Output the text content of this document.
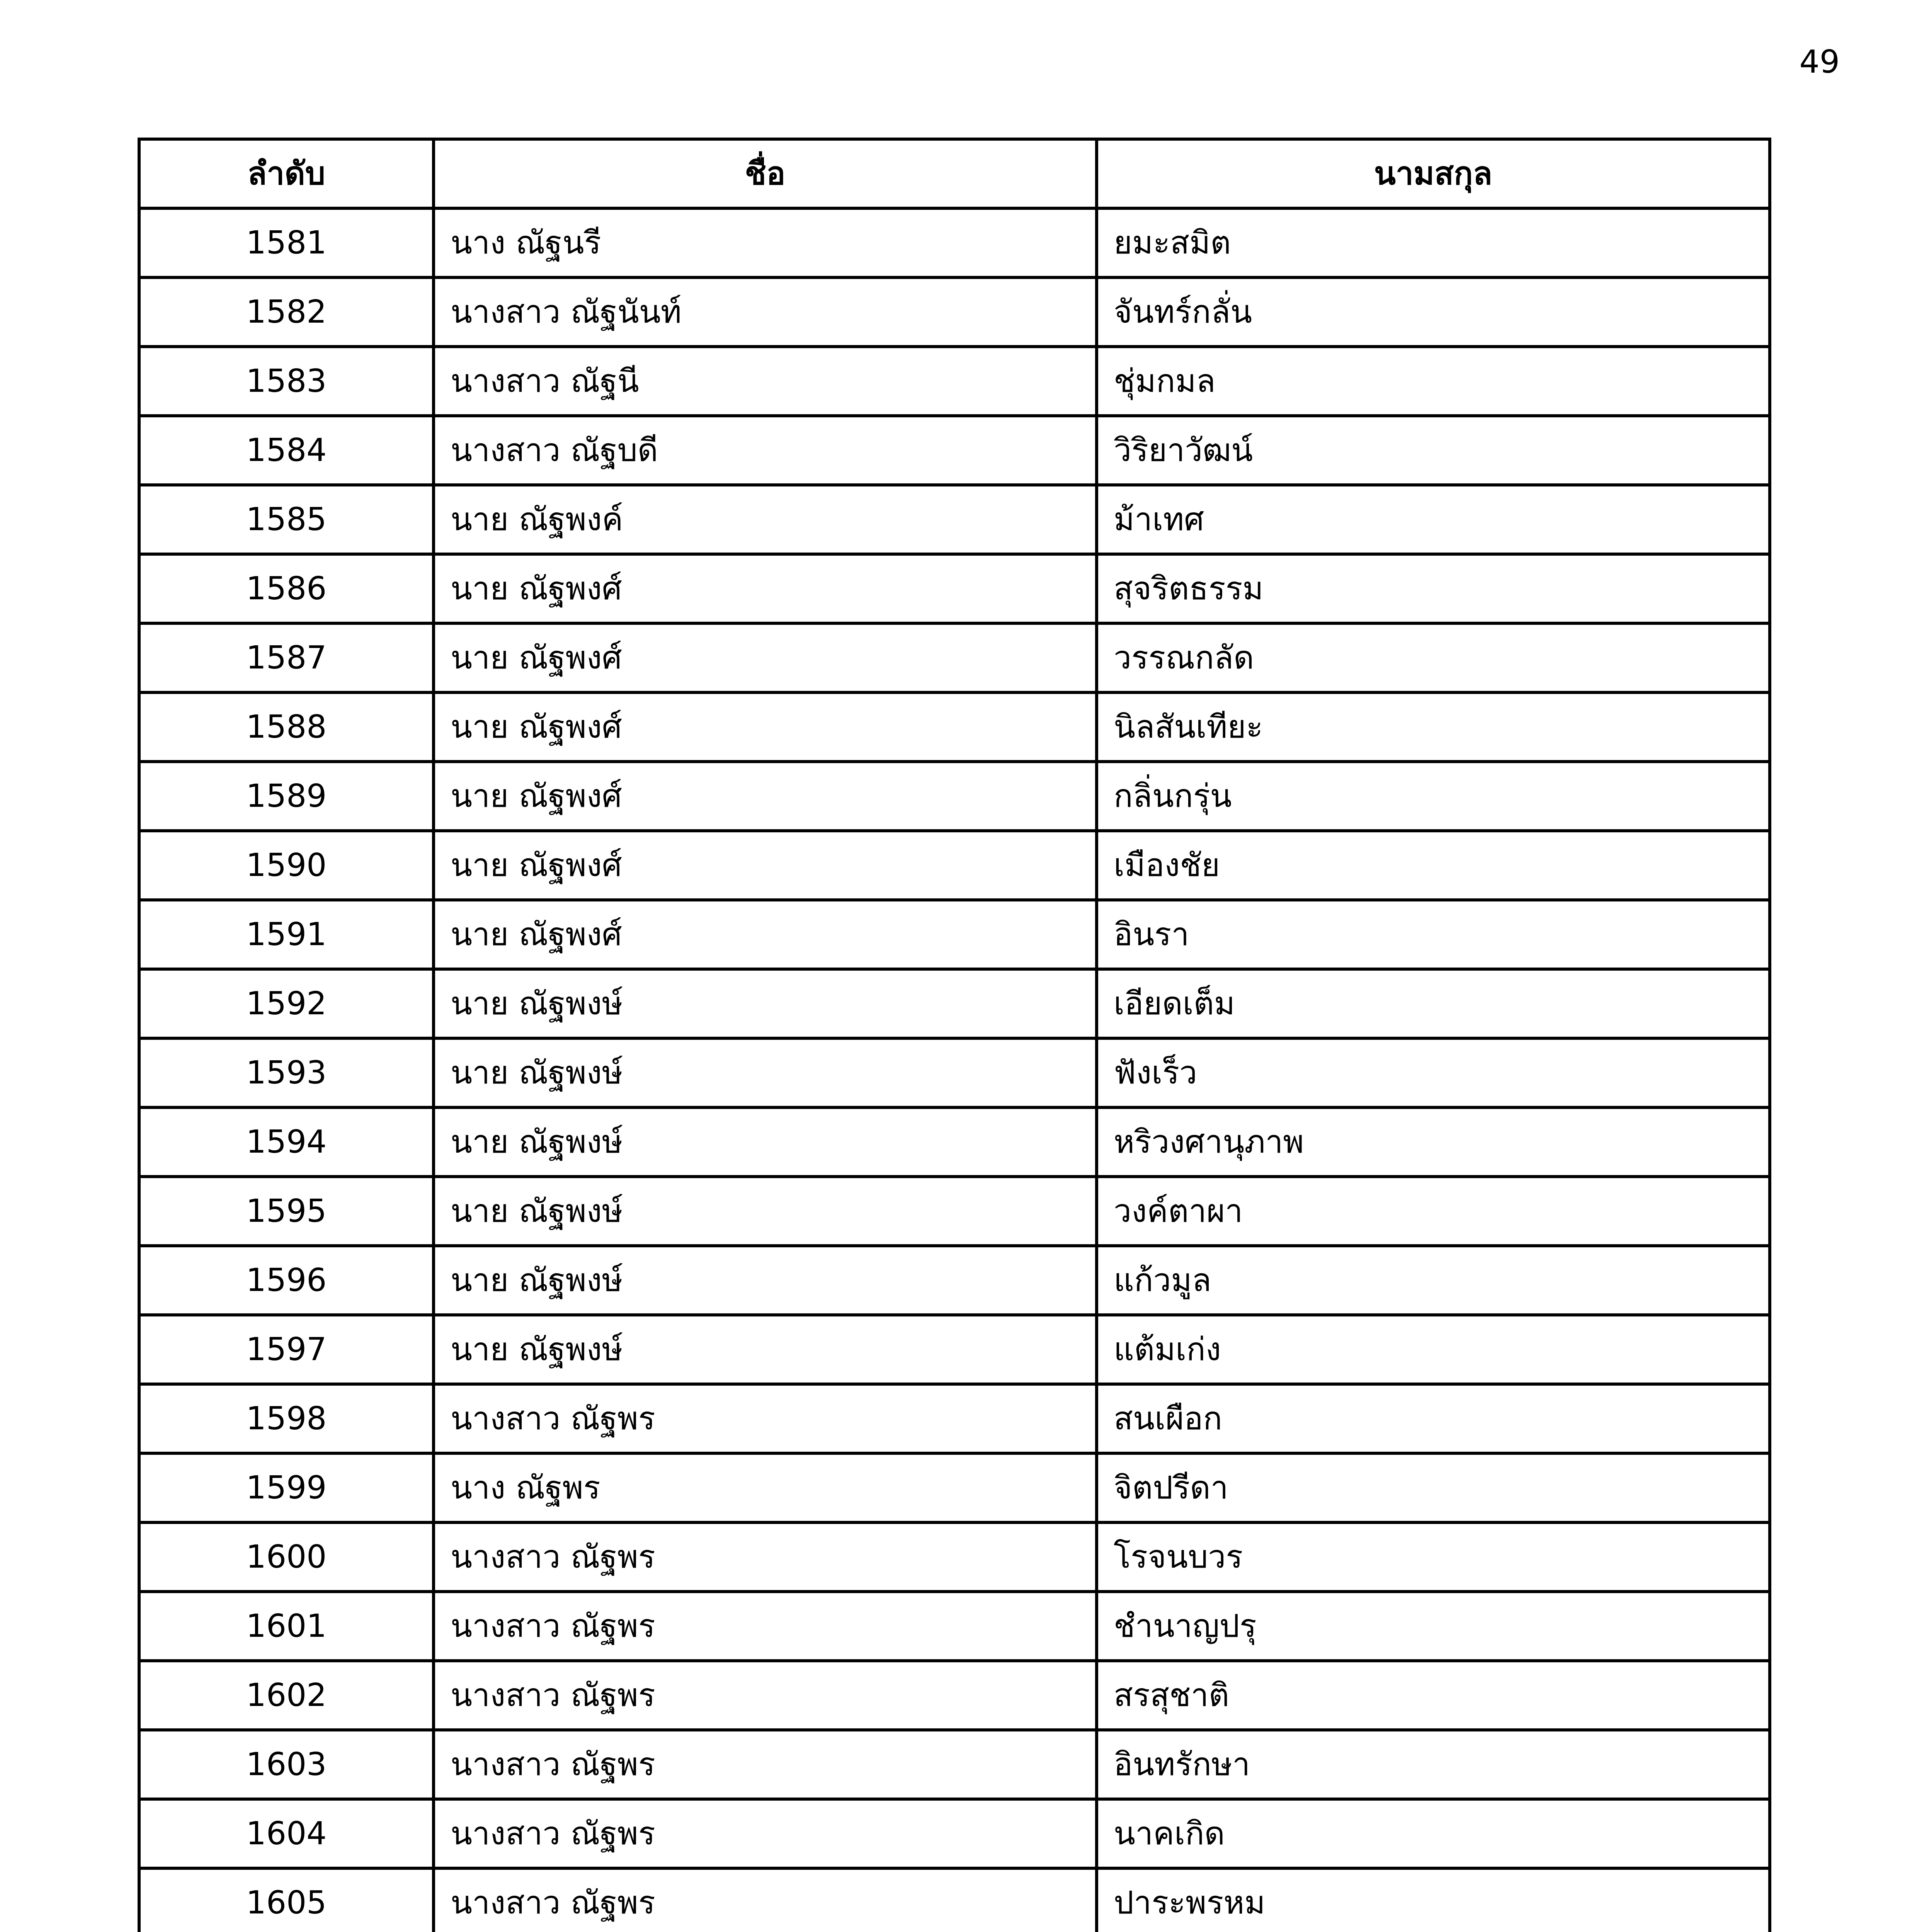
49
ลำดับ	ชื่อ	นามสกุล
1581	นาง ณัฐนรี	ยมะสมิต
1582	นางสาว ณัฐนันท์	จันทร์กลั่น
1583	นางสาว ณัฐนี	ชุ่มกมล
1584	นางสาว ณัฐบดี	วิริยาวัฒน์
1585	นาย ณัฐพงค์	ม้าเทศ
1586	นาย ณัฐพงศ์	สุจริตธรรม
1587	นาย ณัฐพงศ์	วรรณกลัด
1588	นาย ณัฐพงศ์	นิลสันเทียะ
1589	นาย ณัฐพงศ์	กลิ่นกรุ่น
1590	นาย ณัฐพงศ์	เมืองชัย
1591	นาย ณัฐพงศ์	อินรา
1592	นาย ณัฐพงษ์	เอียดเต็ม
1593	นาย ณัฐพงษ์	ฟังเร็ว
1594	นาย ณัฐพงษ์	หริวงศานุภาพ
1595	นาย ณัฐพงษ์	วงค์ตาผา
1596	นาย ณัฐพงษ์	แก้วมูล
1597	นาย ณัฐพงษ์	แต้มเก่ง
1598	นางสาว ณัฐพร	สนเผือก
1599	นาง ณัฐพร	จิตปรีดา
1600	นางสาว ณัฐพร	โรจนบวร
1601	นางสาว ณัฐพร	ชำนาญปรุ
1602	นางสาว ณัฐพร	สรสุชาติ
1603	นางสาว ณัฐพร	อินทรักษา
1604	นางสาว ณัฐพร	นาคเกิด
1605	นางสาว ณัฐพร	ปาระพรหม
